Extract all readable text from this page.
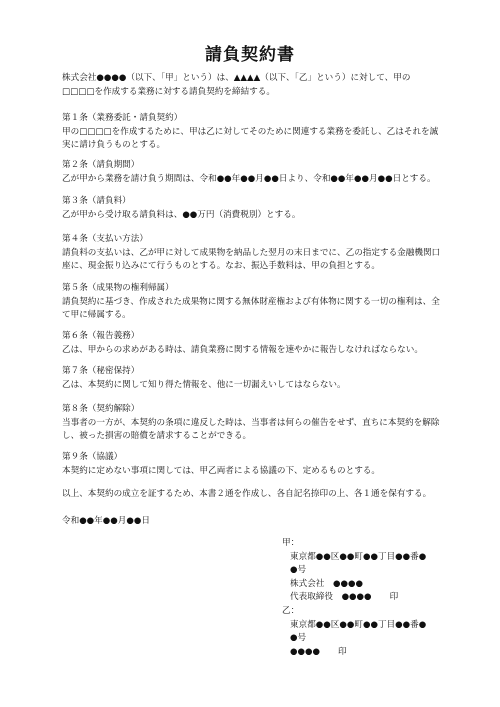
請負契約書

株式会社●●●●（以下、「甲」という）は、▲▲▲▲（以下、「乙」という）に対して、甲の□□□□を作成する業務に対する請負契約を締結する。

第１条（業務委託・請負契約）

甲の□□□□を作成するために、甲は乙に対してそのために関連する業務を委託し、乙はそれを誠実に請け負うものとする。

第２条（請負期間）

乙が甲から業務を請け負う期間は、令和●●年●●月●●日より、令和●●年●●月●●日とする。

第３条（請負料）

乙が甲から受け取る請負料は、●●万円（消費税別）とする。

第４条（支払い方法）

請負料の支払いは、乙が甲に対して成果物を納品した翌月の末日までに、乙の指定する金融機関口座に、現金振り込みにて行うものとする。なお、振込手数料は、甲の負担とする。

第５条（成果物の権利帰属）

請負契約に基づき、作成された成果物に関する無体財産権および有体物に関する一切の権利は、全て甲に帰属する。

第６条（報告義務）

乙は、甲からの求めがある時は、請負業務に関する情報を速やかに報告しなければならない。

第７条（秘密保持）

乙は、本契約に関して知り得た情報を、他に一切漏えいしてはならない。

第８条（契約解除）

当事者の一方が、本契約の条項に違反した時は、当事者は何らの催告をせず、直ちに本契約を解除し、被った損害の賠償を請求することができる。

第９条（協議）

本契約に定めない事項に関しては、甲乙両者による協議の下、定めるものとする。

以上、本契約の成立を証するため、本書２通を作成し、各自記名捺印の上、各１通を保有する。
令和●●年●●月●●日

甲：

東京都●●区●●町●●丁目●●番●

●号

株式会社　●●●●

代表取締役　●●●● 印

乙：

東京都●●区●●町●●丁目●●番●

●号

●●●● 印
